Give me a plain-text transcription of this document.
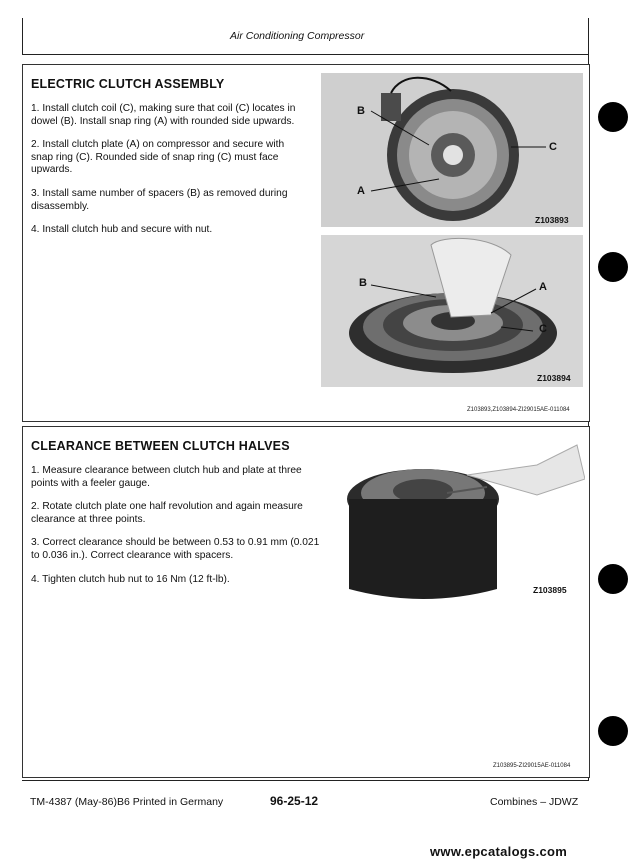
Air Conditioning Compressor
ELECTRIC CLUTCH ASSEMBLY
1. Install clutch coil (C), making sure that coil (C) locates in dowel (B). Install snap ring (A) with rounded side upwards.
2. Install clutch plate (A) on compressor and secure with snap ring (C). Rounded side of snap ring (C) must face upwards.
3. Install same number of spacers (B) as removed during disassembly.
4. Install clutch hub and secure with nut.
B
C
A
Z103893
B	A
C
Z103894
Z103893,Z103894-ZI29015AE-011084
CLEARANCE BETWEEN CLUTCH HALVES
1. Measure clearance between clutch hub and plate at three points with a feeler gauge.
2. Rotate clutch plate one half revolution and again measure clearance at three points.
3. Correct clearance should be between 0.53 to 0.91 mm (0.021 to 0.036 in.). Correct clearance with spacers.
4. Tighten clutch hub nut to 16 Nm (12 ft-lb).
Z103895
Z103895-ZI29015AE-011084
TM-4387 (May-86)B6 Printed in Germany	96-25-12	Combines – JDWZ
www.epcatalogs.com
